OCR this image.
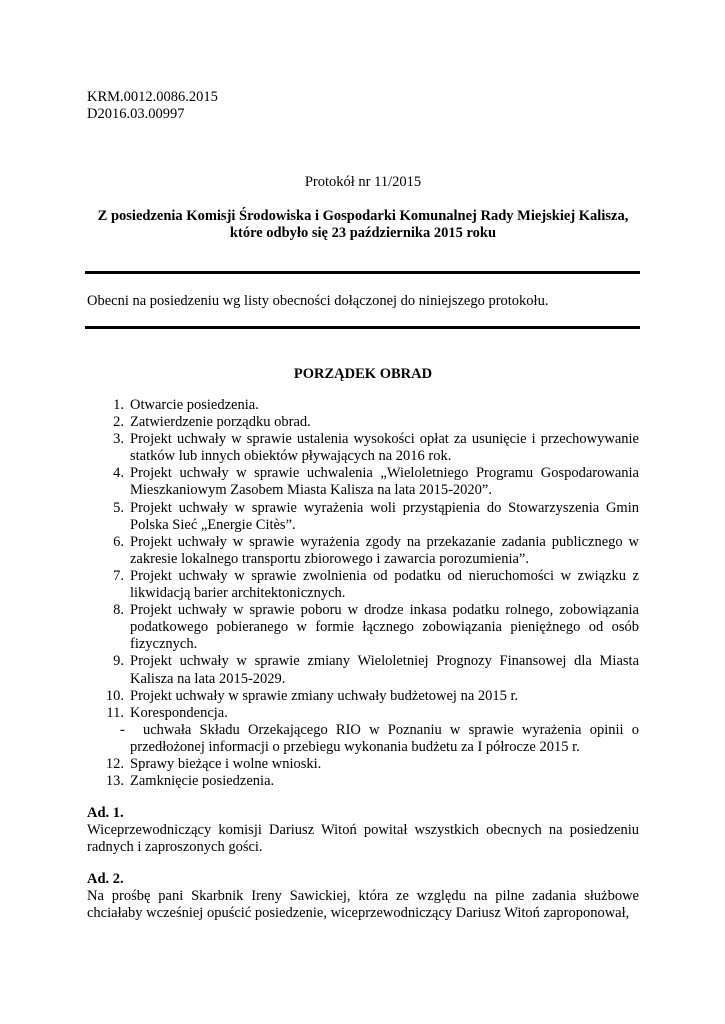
KRM.0012.0086.2015
D2016.03.00997
Protokół nr 11/2015
Z posiedzenia Komisji Środowiska i Gospodarki Komunalnej Rady Miejskiej Kalisza,
które odbyło się 23 października 2015 roku
Obecni na posiedzeniu wg listy obecności dołączonej do niniejszego protokołu.
PORZĄDEK OBRAD
1. Otwarcie posiedzenia.
2. Zatwierdzenie porządku obrad.
3. Projekt uchwały w sprawie ustalenia wysokości opłat za usunięcie i przechowywanie statków lub innych obiektów pływających na 2016 rok.
4. Projekt uchwały w sprawie uchwalenia „Wieloletniego Programu Gospodarowania Mieszkaniowym Zasobem Miasta Kalisza na lata 2015-2020”.
5. Projekt uchwały w sprawie wyrażenia woli przystąpienia do Stowarzyszenia Gmin Polska Sieć „Energie Citès”.
6. Projekt uchwały w sprawie wyrażenia zgody na przekazanie zadania publicznego w zakresie lokalnego transportu zbiorowego i zawarcia porozumienia”.
7. Projekt uchwały w sprawie zwolnienia od podatku od nieruchomości w związku z likwidacją barier architektonicznych.
8. Projekt uchwały w sprawie poboru w drodze inkasa podatku rolnego, zobowiązania podatkowego pobieranego w formie łącznego zobowiązania pieniężnego od osób fizycznych.
9. Projekt uchwały w sprawie zmiany Wieloletniej Prognozy Finansowej dla Miasta Kalisza na lata 2015-2029.
10. Projekt uchwały w sprawie zmiany uchwały budżetowej na 2015 r.
11. Korespondencja.
- uchwała Składu Orzekającego RIO w Poznaniu w sprawie wyrażenia opinii o przedłożonej informacji o przebiegu wykonania budżetu za I półrocze 2015 r.
12. Sprawy bieżące i wolne wnioski.
13. Zamknięcie posiedzenia.
Ad. 1.
Wiceprzewodniczący komisji Dariusz Witoń powitał wszystkich obecnych na posiedzeniu radnych i zaproszonych gości.
Ad. 2.
Na prośbę pani Skarbnik Ireny Sawickiej, która ze względu na pilne zadania służbowe chciałaby wcześniej opuścić posiedzenie, wiceprzewodniczący Dariusz Witoń zaproponował,
